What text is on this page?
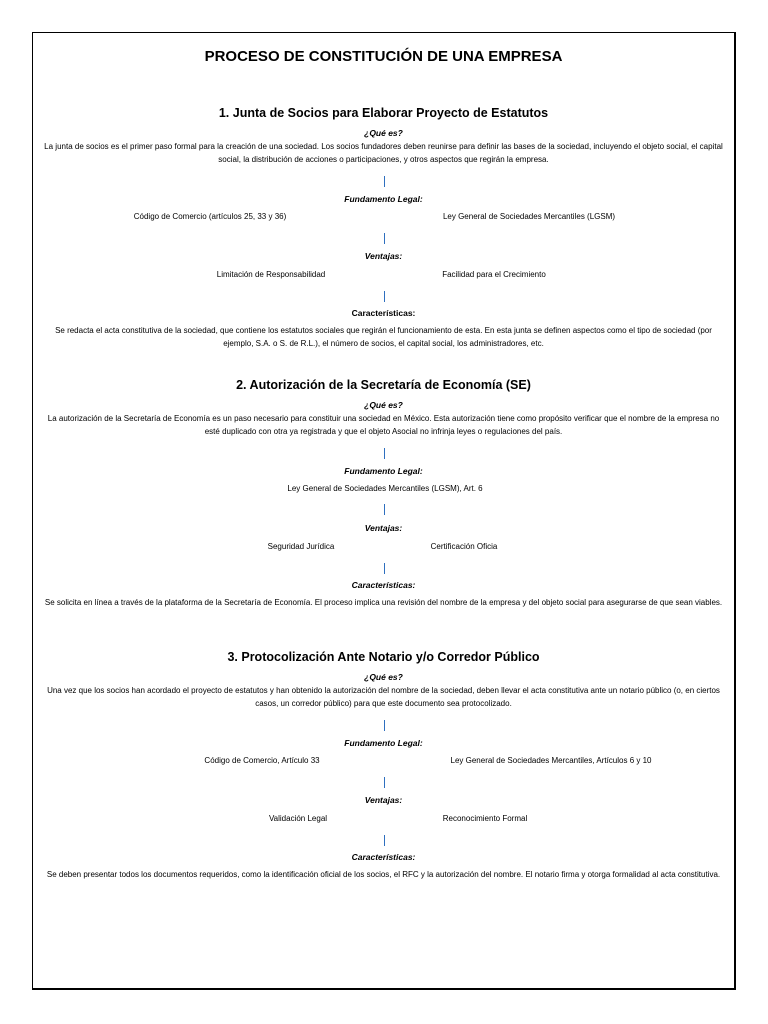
PROCESO DE CONSTITUCIÓN DE UNA EMPRESA
1. Junta de Socios para Elaborar Proyecto de Estatutos
¿Qué es?
La junta de socios es el primer paso formal para la creación de una sociedad. Los socios fundadores deben reunirse para definir las bases de la sociedad, incluyendo el objeto social, el capital social, la distribución de acciones o participaciones, y otros aspectos que regirán la empresa.
Fundamento Legal:
Código de Comercio (artículos 25, 33 y 36)	Ley General de Sociedades Mercantiles (LGSM)
Ventajas:
Limitación de Responsabilidad	Facilidad para el Crecimiento
Características:
Se redacta el acta constitutiva de la sociedad, que contiene los estatutos sociales que regirán el funcionamiento de esta. En esta junta se definen aspectos como el tipo de sociedad (por ejemplo, S.A. o S. de R.L.), el número de socios, el capital social, los administradores, etc.
2. Autorización de la Secretaría de Economía (SE)
¿Qué es?
La autorización de la Secretaría de Economía es un paso necesario para constituir una sociedad en México. Esta autorización tiene como propósito verificar que el nombre de la empresa no esté duplicado con otra ya registrada y que el objeto Asocial no infrinja leyes o regulaciones del país.
Fundamento Legal:
Ley General de Sociedades Mercantiles (LGSM), Art. 6
Ventajas:
Seguridad Jurídica	Certificación Oficia
Características:
Se solicita en línea a través de la plataforma de la Secretaría de Economía. El proceso implica una revisión del nombre de la empresa y del objeto social para asegurarse de que sean viables.
3. Protocolización Ante Notario y/o Corredor Público
¿Qué es?
Una vez que los socios han acordado el proyecto de estatutos y han obtenido la autorización del nombre de la sociedad, deben llevar el acta constitutiva ante un notario público (o, en ciertos casos, un corredor público) para que este documento sea protocolizado.
Fundamento Legal:
Código de Comercio, Artículo 33	Ley General de Sociedades Mercantiles, Artículos 6 y 10
Ventajas:
Validación Legal	Reconocimiento Formal
Características:
Se deben presentar todos los documentos requeridos, como la identificación oficial de los socios, el RFC y la autorización del nombre. El notario firma y otorga formalidad al acta constitutiva.
